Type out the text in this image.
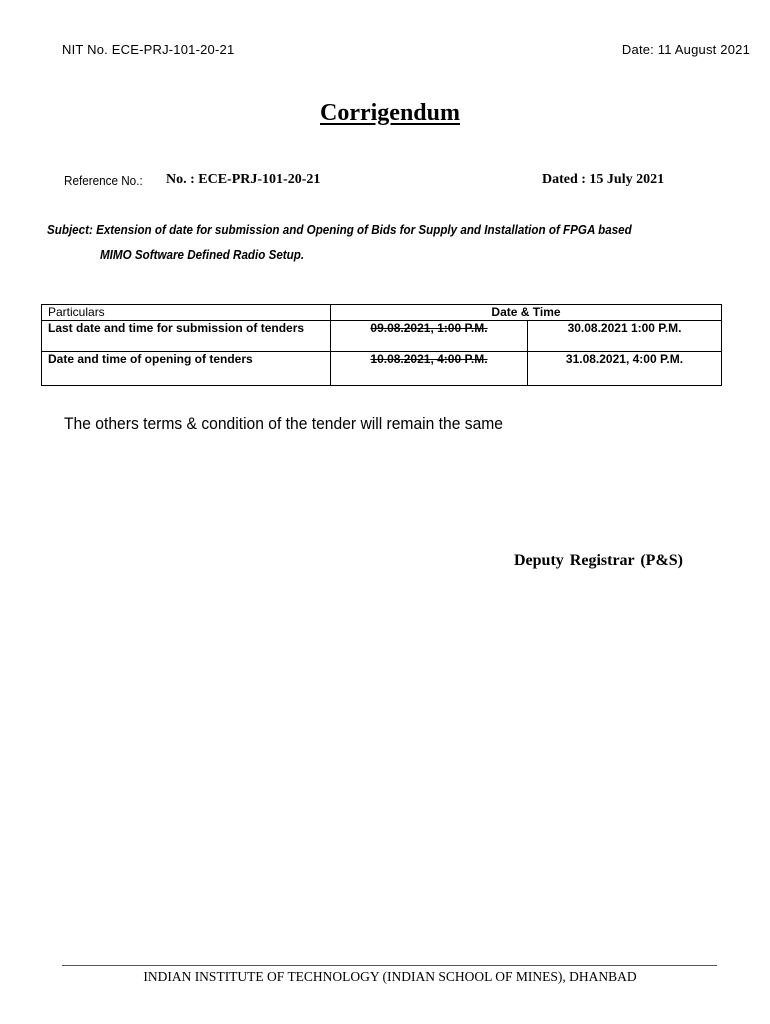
NIT No. ECE-PRJ-101-20-21	Date: 11 August 2021
Corrigendum
Reference No.: No. : ECE-PRJ-101-20-21	Dated : 15 July 2021
Subject: Extension of date for submission and Opening of Bids for Supply and Installation of FPGA based
MIMO Software Defined Radio Setup.
Particulars	Date & Time	
Last date and time for submission of tenders	09.08.2021, 1:00 P.M.	30.08.2021 1:00 P.M.
Date and time of opening of tenders	10.08.2021, 4:00 P.M.	31.08.2021, 4:00 P.M.
The others terms & condition of the tender will remain the same
Deputy Registrar (P&S)
INDIAN INSTITUTE OF TECHNOLOGY (INDIAN SCHOOL OF MINES), DHANBAD
